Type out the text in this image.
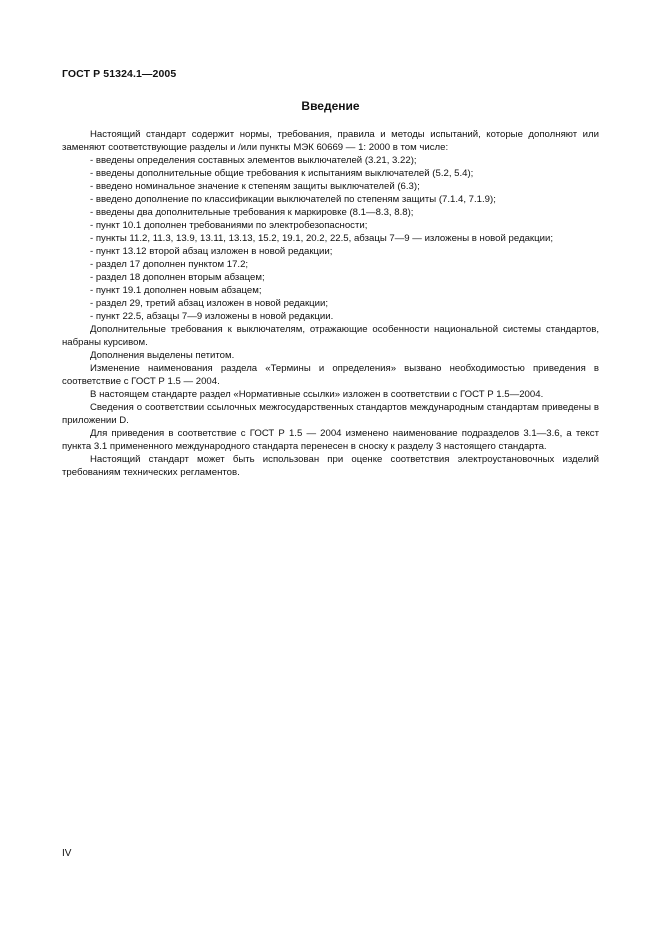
ГОСТ Р 51324.1—2005
Введение

Настоящий стандарт содержит нормы, требования, правила и методы испытаний, которые дополняют или заменяют соответствующие разделы и /или пункты МЭК 60669 — 1: 2000 в том числе:

- введены определения составных элементов выключателей (3.21, 3.22);

- введены дополнительные общие требования к испытаниям выключателей (5.2, 5.4);

- введено номинальное значение к степеням защиты выключателей (6.3);

- введено дополнение по классификации выключателей по степеням защиты (7.1.4, 7.1.9);

- введены два дополнительные требования к маркировке (8.1—8.3, 8.8);

- пункт 10.1 дополнен требованиями по электробезопасности;

- пункты 11.2, 11.3, 13.9, 13.11, 13.13, 15.2, 19.1, 20.2, 22.5, абзацы 7—9 — изложены в новой редакции;

- пункт 13.12 второй абзац изложен в новой редакции;

- раздел 17 дополнен пунктом 17.2;

- раздел 18 дополнен вторым абзацем;

- пункт 19.1 дополнен новым абзацем;

- раздел 29, третий абзац изложен в новой редакции;

- пункт 22.5, абзацы 7—9 изложены в новой редакции.

Дополнительные требования к выключателям, отражающие особенности национальной системы стандартов, набраны курсивом.

Дополнения выделены петитом.

Изменение наименования раздела «Термины и определения» вызвано необходимостью приведения в соответствие с ГОСТ Р 1.5 — 2004.

В настоящем стандарте раздел «Нормативные ссылки» изложен в соответствии с ГОСТ Р 1.5—2004.

Сведения о соответствии ссылочных межгосударственных стандартов международным стандартам приведены в приложении D.

Для приведения в соответствие с ГОСТ Р 1.5 — 2004 изменено наименование подразделов 3.1—3.6, а текст пункта 3.1 примененного международного стандарта перенесен в сноску к разделу 3 настоящего стандарта.

Настоящий стандарт может быть использован при оценке соответствия электроустановочных изделий требованиям технических регламентов.

IV
